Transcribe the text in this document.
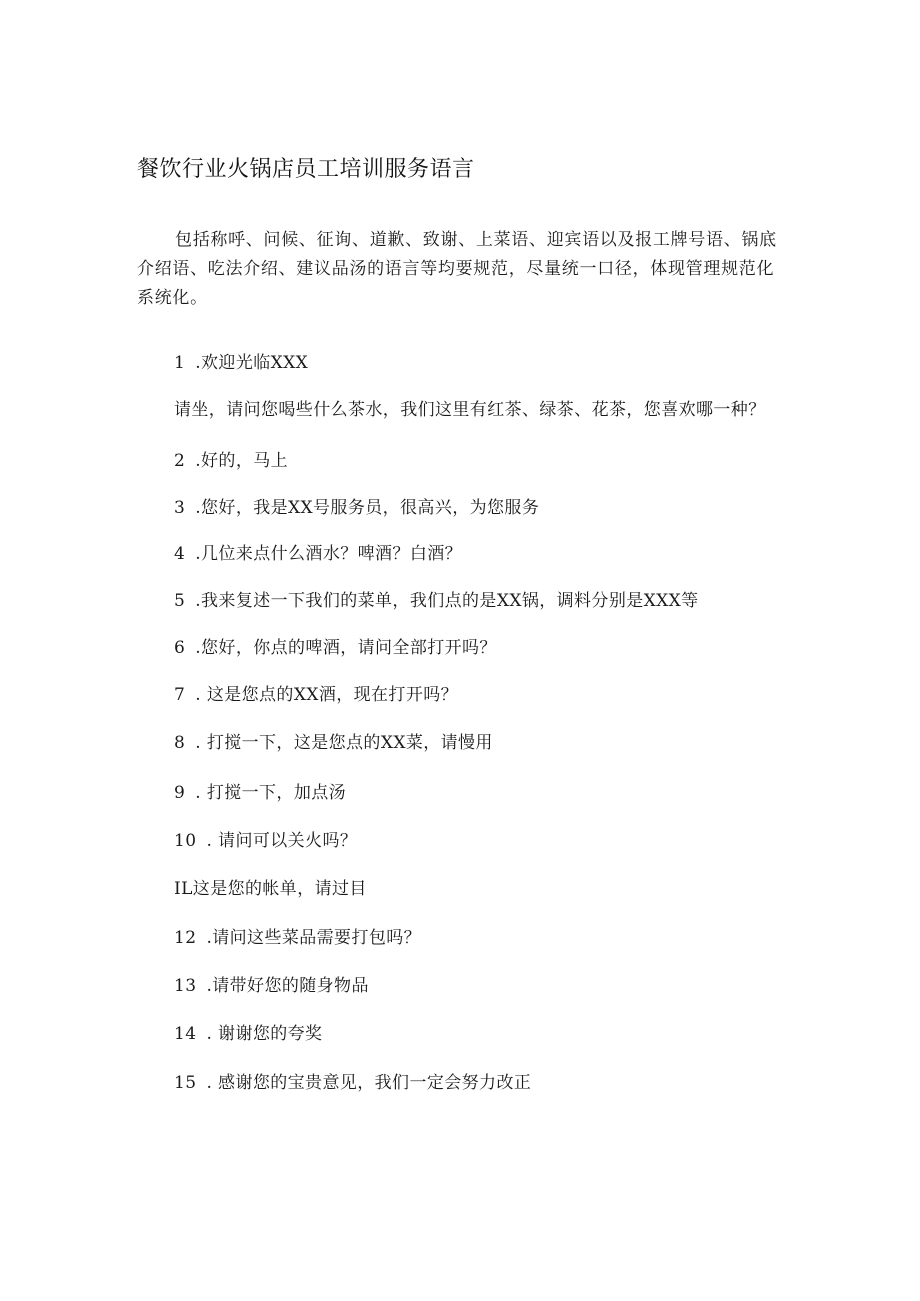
餐饮行业火锅店员工培训服务语言

包括称呼、问候、征询、道歉、致谢、上菜语、迎宾语以及报工牌号语、锅底介绍语、吃法介绍、建议品汤的语言等均要规范，尽量统一口径，体现管理规范化系统化。

1 .欢迎光临XXX

请坐，请问您喝些什么茶水，我们这里有红茶、绿茶、花茶，您喜欢哪一种？

2 .好的，马上

3 .您好，我是XX号服务员，很高兴，为您服务

4 .几位来点什么酒水？啤酒？白酒？

5 .我来复述一下我们的菜单，我们点的是XX锅，调料分别是XXX等

6 .您好，你点的啤酒，请问全部打开吗？

7 . 这是您点的XX酒，现在打开吗？

8 . 打搅一下，这是您点的XX菜，请慢用

9 . 打搅一下，加点汤

10 . 请问可以关火吗？

IL这是您的帐单，请过目

12 .请问这些菜品需要打包吗？

13 .请带好您的随身物品

14 . 谢谢您的夸奖

15 . 感谢您的宝贵意见，我们一定会努力改正
